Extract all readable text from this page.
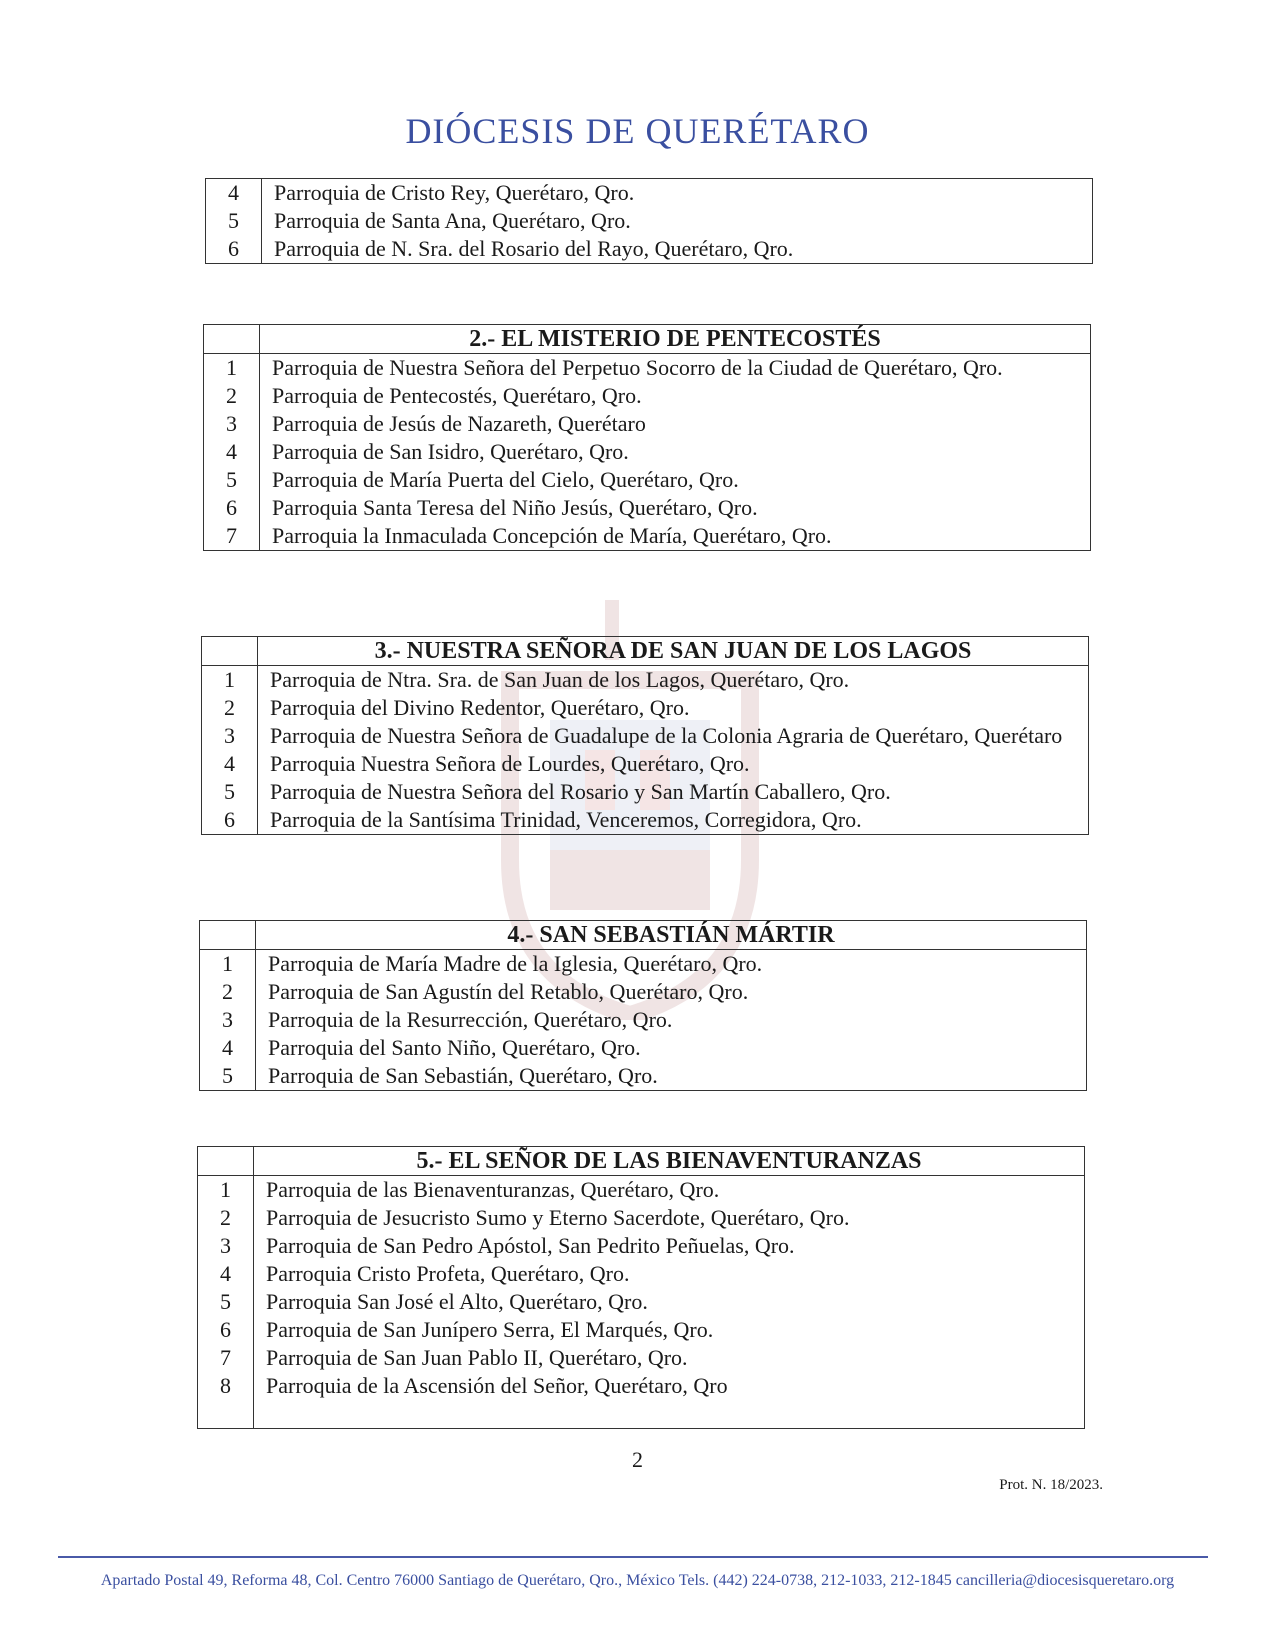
DIÓCESIS DE QUERÉTARO
4	Parroquia de Cristo Rey, Querétaro, Qro.
5	Parroquia de Santa Ana, Querétaro, Qro.
6	Parroquia de N. Sra. del Rosario del Rayo, Querétaro, Qro.
2.- EL MISTERIO DE PENTECOSTÉS
1	Parroquia de Nuestra Señora del Perpetuo Socorro de la Ciudad de Querétaro, Qro.
2	Parroquia de Pentecostés, Querétaro, Qro.
3	Parroquia de Jesús de Nazareth, Querétaro
4	Parroquia de San Isidro, Querétaro, Qro.
5	Parroquia de María Puerta del Cielo, Querétaro, Qro.
6	Parroquia Santa Teresa del Niño Jesús, Querétaro, Qro.
7	Parroquia la Inmaculada Concepción de María, Querétaro, Qro.
3.- NUESTRA SEÑORA DE SAN JUAN DE LOS LAGOS
1	Parroquia de Ntra. Sra. de San Juan de los Lagos, Querétaro, Qro.
2	Parroquia del Divino Redentor, Querétaro, Qro.
3	Parroquia de Nuestra Señora de Guadalupe de la Colonia Agraria de Querétaro, Querétaro
4	Parroquia Nuestra Señora de Lourdes, Querétaro, Qro.
5	Parroquia de Nuestra Señora del Rosario y San Martín Caballero, Qro.
6	Parroquia de la Santísima Trinidad, Venceremos, Corregidora, Qro.
4.- SAN SEBASTIÁN MÁRTIR
1	Parroquia de María Madre de la Iglesia, Querétaro, Qro.
2	Parroquia de San Agustín del Retablo, Querétaro, Qro.
3	Parroquia de la Resurrección, Querétaro, Qro.
4	Parroquia del Santo Niño, Querétaro, Qro.
5	Parroquia de San Sebastián, Querétaro, Qro.
5.- EL SEÑOR DE LAS BIENAVENTURANZAS
1	Parroquia de las Bienaventuranzas, Querétaro, Qro.
2	Parroquia de Jesucristo Sumo y Eterno Sacerdote, Querétaro, Qro.
3	Parroquia de San Pedro Apóstol, San Pedrito Peñuelas, Qro.
4	Parroquia Cristo Profeta, Querétaro, Qro.
5	Parroquia San José el Alto, Querétaro, Qro.
6	Parroquia de San Junípero Serra, El Marqués, Qro.
7	Parroquia de San Juan Pablo II, Querétaro, Qro.
8	Parroquia de la Ascensión del Señor, Querétaro, Qro
2
Prot. N. 18/2023.
Apartado Postal 49, Reforma 48, Col. Centro 76000 Santiago de Querétaro, Qro., México Tels. (442) 224-0738, 212-1033, 212-1845 cancilleria@diocesisqueretaro.org
